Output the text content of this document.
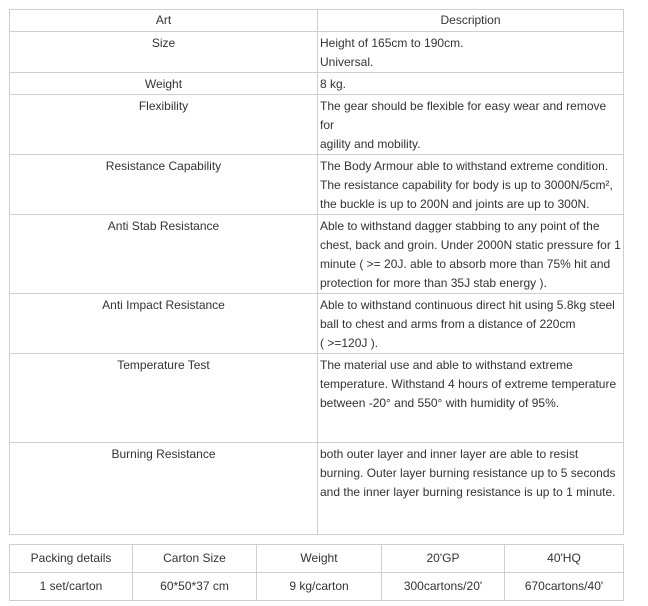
Art	Description
Size	Height of 165cm to 190cm.
Universal.

Weight	8 kg.

Flexibility	The gear should be flexible for easy wear and remove for
agility and mobility.

Resistance Capability	The Body Armour able to withstand extreme condition.
The resistance capability for body is up to 3000N/5cm²,
the buckle is up to 200N and joints are up to 300N.

Anti Stab Resistance	Able to withstand dagger stabbing to any point of the
chest, back and groin. Under 2000N static pressure for 1
minute ( >= 20J. able to absorb more than 75% hit and
protection for more than 35J stab energy ).

Anti Impact Resistance	Able to withstand continuous direct hit using 5.8kg steel
ball to chest and arms from a distance of 220cm
( >=120J ).

Temperature Test	The material use and able to withstand extreme
temperature. Withstand 4 hours of extreme temperature
between -20° and 550° with humidity of 95%.

Burning Resistance	both outer layer and inner layer are able to resist
burning. Outer layer burning resistance up to 5 seconds
and the inner layer burning resistance is up to 1 minute.
Packing details	Carton Size	Weight	20'GP	40'HQ
1 set/carton	60*50*37 cm	9 kg/carton	300cartons/20'	670cartons/40'
